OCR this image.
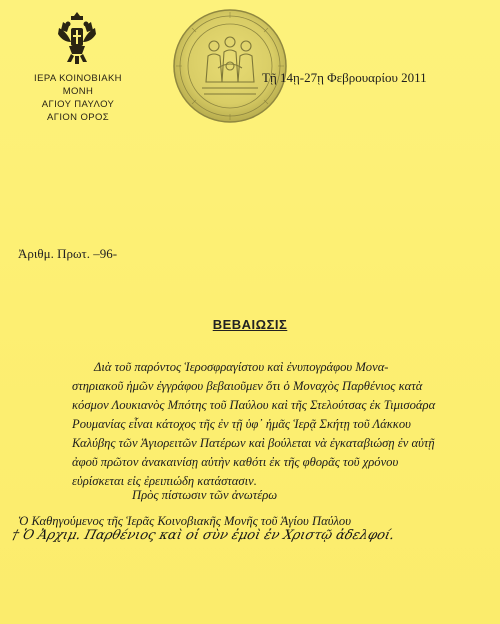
ΙΕΡΑ ΚΟΙΝΟΒΙΑΚΗ ΜΟΝΗ
ΑΓΙΟΥ ΠΑΥΛΟΥ
ΑΓΙΟΝ ΟΡΟΣ
Τῇ 14ῃ-27ῃ Φεβρουαρίου 2011
Ἀριθμ. Πρωτ. –96-
ΒΕΒΑΙΩΣΙΣ

Διὰ τοῦ παρόντος Ἱεροσφραγίστου καὶ ἐνυπογράφου Μονα-

στηριακοῦ ἡμῶν ἐγγράφου βεβαιοῦμεν ὅτι ὁ Μοναχὸς Παρθένιος κατὰ

κόσμον Λουκιανὸς Μπότης τοῦ Παύλου καὶ τῆς Στελούτσας ἐκ Τιμισοάρα

Ρουμανίας εἶναι κάτοχος τῆς ἐν τῇ ὑφ᾽ ἡμᾶς Ἱερᾷ Σκήτῃ τοῦ Λάκκου

Καλύβης τῶν Ἁγιορειτῶν Πατέρων καὶ βούλεται νὰ ἐγκαταβιώσῃ ἐν αὐτῇ

ἀφοῦ πρῶτον ἀνακαινίσῃ αὐτὴν καθότι ἐκ τῆς φθορᾶς τοῦ χρόνου

εὑρίσκεται εἰς ἐρειπιώδη κατάστασιν.

Πρὸς πίστωσιν τῶν ἀνωτέρω
Ὁ Καθηγούμενος τῆς Ἱερᾶς Κοινοβιακῆς Μονῆς τοῦ Ἁγίου Παύλου
† Ὁ Ἀρχιμ. Παρθένιος καὶ οἱ σὺν ἐμοὶ ἐν Χριστῷ ἀδελφοί.
